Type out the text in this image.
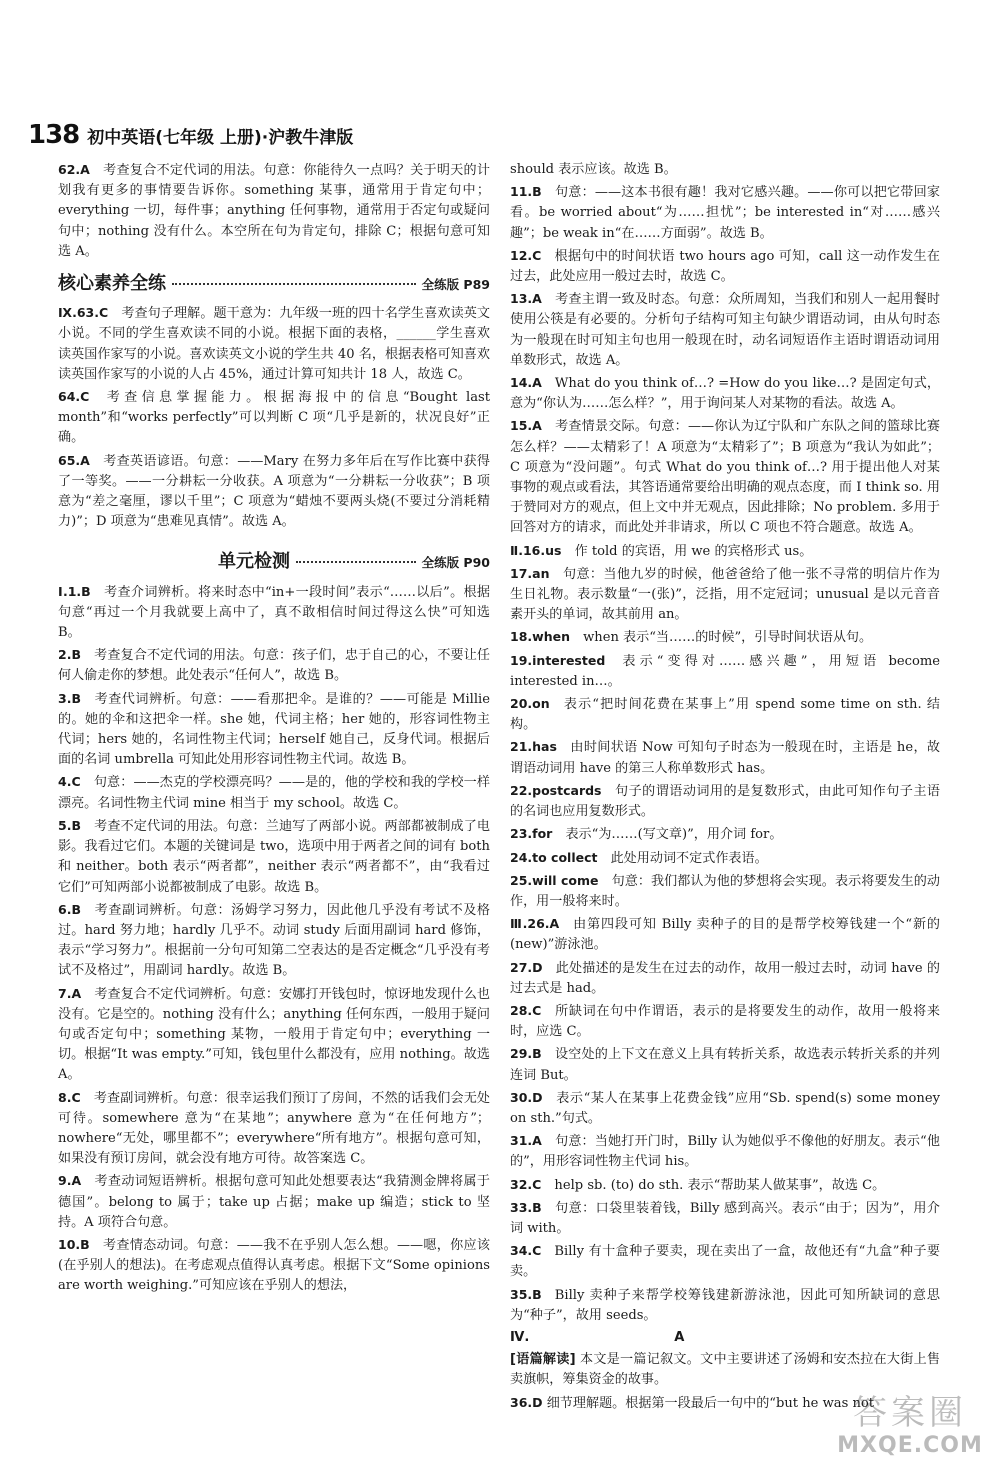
138 初中英语(七年级 上册)·沪教牛津版
62.A  考查复合不定代词的用法。句意：你能待久一点吗？关于明天的计划我有更多的事情要告诉你。something 某事，通常用于肯定句中；everything 一切，每件事；anything 任何事物，通常用于否定句或疑问句中；nothing 没有什么。本空所在句为肯定句，排除 C；根据句意可知选 A。
核心素养全练	全练版 P89
Ⅸ.63.C  考查句子理解。题干意为：九年级一班的四十名学生喜欢读英文小说。不同的学生喜欢读不同的小说。根据下面的表格，______学生喜欢读英国作家写的小说。喜欢读英文小说的学生共 40 名，根据表格可知喜欢读英国作家写的小说的人占 45%，通过计算可知共计 18 人，故选 C。
64.C  考查信息掌握能力。根据海报中的信息“Bought last month”和“works perfectly”可以判断 C 项“几乎是新的，状况良好”正确。
65.A  考查英语谚语。句意：——Mary 在努力多年后在写作比赛中获得了一等奖。——一分耕耘一分收获。A 项意为“一分耕耘一分收获”；B 项意为“差之毫厘，谬以千里”；C 项意为“蜡烛不要两头烧(不要过分消耗精力)”；D 项意为“患难见真情”。故选 A。
单元检测	全练版 P90
Ⅰ.1.B  考查介词辨析。将来时态中“in+一段时间”表示“……以后”。根据句意“再过一个月我就要上高中了，真不敢相信时间过得这么快”可知选 B。
2.B  考查复合不定代词的用法。句意：孩子们，忠于自己的心，不要让任何人偷走你的梦想。此处表示“任何人”，故选 B。
3.B  考查代词辨析。句意：——看那把伞。是谁的？——可能是 Millie 的。她的伞和这把伞一样。she 她，代词主格；her 她的，形容词性物主代词；hers 她的，名词性物主代词；herself 她自己，反身代词。根据后面的名词 umbrella 可知此处用形容词性物主代词。故选 B。
4.C  句意：——杰克的学校漂亮吗？——是的，他的学校和我的学校一样漂亮。名词性物主代词 mine 相当于 my school。故选 C。
5.B  考查不定代词的用法。句意：兰迪写了两部小说。两部都被制成了电影。我看过它们。本题的关键词是 two，选项中用于两者之间的词有 both 和 neither。both 表示“两者都”，neither 表示“两者都不”，由“我看过它们”可知两部小说都被制成了电影。故选 B。
6.B  考查副词辨析。句意：汤姆学习努力，因此他几乎没有考试不及格过。hard 努力地；hardly 几乎不。动词 study 后面用副词 hard 修饰，表示“学习努力”。根据前一分句可知第二空表达的是否定概念“几乎没有考试不及格过”，用副词 hardly。故选 B。
7.A  考查复合不定代词辨析。句意：安娜打开钱包时，惊讶地发现什么也没有。它是空的。nothing 没有什么；anything 任何东西，一般用于疑问句或否定句中；something 某物，一般用于肯定句中；everything 一切。根据“It was empty.”可知，钱包里什么都没有，应用 nothing。故选 A。
8.C  考查副词辨析。句意：很幸运我们预订了房间，不然的话我们会无处可待。somewhere 意为“在某地”；anywhere 意为“在任何地方”；nowhere“无处，哪里都不”；everywhere“所有地方”。根据句意可知，如果没有预订房间，就会没有地方可待。故答案选 C。
9.A  考查动词短语辨析。根据句意可知此处想要表达“我猜测金牌将属于德国”。belong to 属于；take up 占据；make up 编造；stick to 坚持。A 项符合句意。
10.B  考查情态动词。句意：——我不在乎别人怎么想。——嗯，你应该(在乎别人的想法)。在考虑观点值得认真考虑。根据下文“Some opinions are worth weighing.”可知应该在乎别人的想法，
should 表示应该。故选 B。
11.B  句意：——这本书很有趣！我对它感兴趣。——你可以把它带回家看。be worried about“为……担忧”；be interested in“对……感兴趣”；be weak in“在……方面弱”。故选 B。
12.C  根据句中的时间状语 two hours ago 可知，call 这一动作发生在过去，此处应用一般过去时，故选 C。
13.A  考查主谓一致及时态。句意：众所周知，当我们和别人一起用餐时使用公筷是有必要的。分析句子结构可知主句缺少谓语动词，由从句时态为一般现在时可知主句也用一般现在时，动名词短语作主语时谓语动词用单数形式，故选 A。
14.A  What do you think of…? =How do you like…? 是固定句式，意为“你认为……怎么样？”，用于询问某人对某物的看法。故选 A。
15.A  考查情景交际。句意：——你认为辽宁队和广东队之间的篮球比赛怎么样？——太精彩了！A 项意为“太精彩了”；B 项意为“我认为如此”；C 项意为“没问题”。句式 What do you think of…? 用于提出他人对某事物的观点或看法，其答语通常要给出明确的观点态度，而 I think so. 用于赞同对方的观点，但上文中并无观点，因此排除；No problem. 多用于回答对方的请求，而此处并非请求，所以 C 项也不符合题意。故选 A。
Ⅱ.16.us  作 told 的宾语，用 we 的宾格形式 us。
17.an  句意：当他九岁的时候，他爸爸给了他一张不寻常的明信片作为生日礼物。表示数量“一(张)”，泛指，用不定冠词；unusual 是以元音音素开头的单词，故其前用 an。
18.when  when 表示“当……的时候”，引导时间状语从句。
19.interested  表示“变得对……感兴趣”，用短语 become interested in…。
20.on  表示“把时间花费在某事上”用 spend some time on sth. 结构。
21.has  由时间状语 Now 可知句子时态为一般现在时，主语是 he，故谓语动词用 have 的第三人称单数形式 has。
22.postcards  句子的谓语动词用的是复数形式，由此可知作句子主语的名词也应用复数形式。
23.for  表示“为……(写文章)”，用介词 for。
24.to collect  此处用动词不定式作表语。
25.will come  句意：我们都认为他的梦想将会实现。表示将要发生的动作，用一般将来时。
Ⅲ.26.A  由第四段可知 Billy 卖种子的目的是帮学校筹钱建一个“新的(new)”游泳池。
27.D  此处描述的是发生在过去的动作，故用一般过去时，动词 have 的过去式是 had。
28.C  所缺词在句中作谓语，表示的是将要发生的动作，故用一般将来时，应选 C。
29.B  设空处的上下文在意义上具有转折关系，故选表示转折关系的并列连词 But。
30.D  表示“某人在某事上花费金钱”应用“Sb. spend(s) some money on sth.”句式。
31.A  句意：当她打开门时，Billy 认为她似乎不像他的好朋友。表示“他的”，用形容词性物主代词 his。
32.C  help sb. (to) do sth. 表示“帮助某人做某事”，故选 C。
33.B  句意：口袋里装着钱，Billy 感到高兴。表示“由于；因为”，用介词 with。
34.C  Billy 有十盒种子要卖，现在卖出了一盒，故他还有“九盒”种子要卖。
35.B  Billy 卖种子来帮学校筹钱建新游泳池，因此可知所缺词的意思为“种子”，故用 seeds。
Ⅳ.	A
[语篇解读] 本文是一篇记叙文。文中主要讲述了汤姆和安杰拉在大街上售卖旗帜，筹集资金的故事。
36.D 细节理解题。根据第一段最后一句中的“but he was not
答案圈
MXQE.COM
